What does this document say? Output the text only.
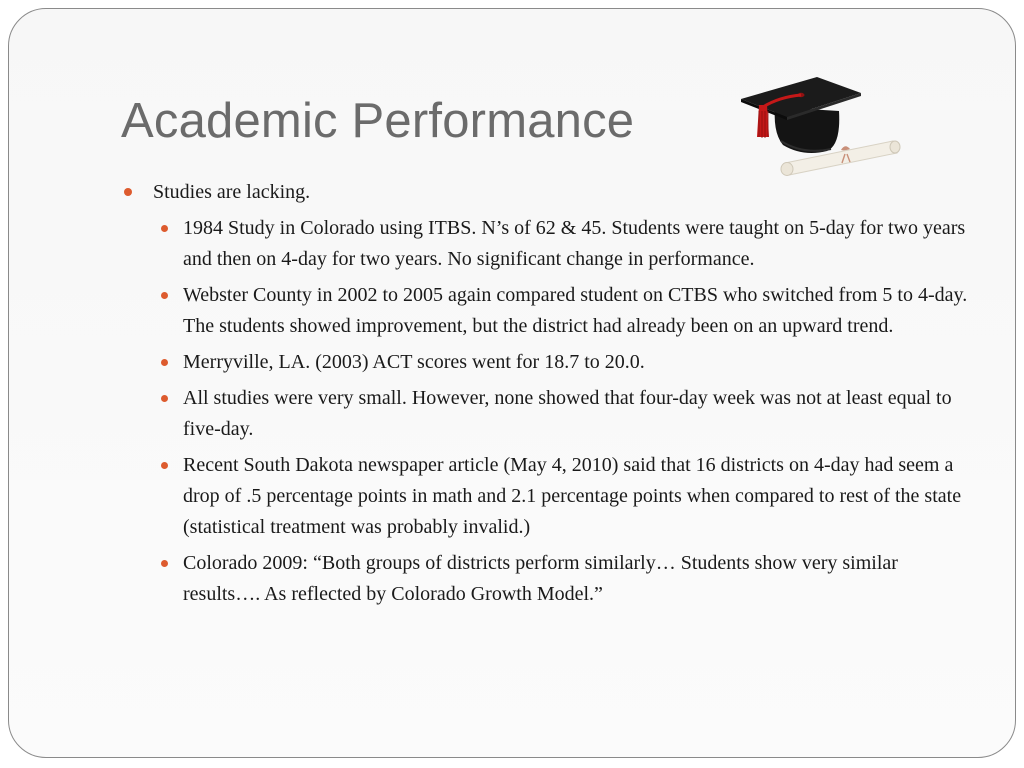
Academic Performance
Studies are lacking.
1984 Study in Colorado using ITBS. N’s of 62 & 45. Students were taught on 5-day for two years and then on 4-day for two years. No significant change in performance.
Webster County in 2002 to 2005 again compared student on CTBS who switched from 5 to 4-day. The students showed improvement, but the district had already been on an upward trend.
Merryville, LA. (2003) ACT scores went for 18.7 to 20.0.
All studies were very small. However, none showed that four-day week was not at least equal to five-day.
Recent South Dakota newspaper article (May 4, 2010) said that 16 districts on 4-day had seem a drop of .5 percentage points in math and 2.1 percentage points when compared to rest of the state (statistical treatment was probably invalid.)
Colorado 2009: “Both groups of districts perform similarly… Students show very similar results…. As reflected by Colorado Growth Model.”
